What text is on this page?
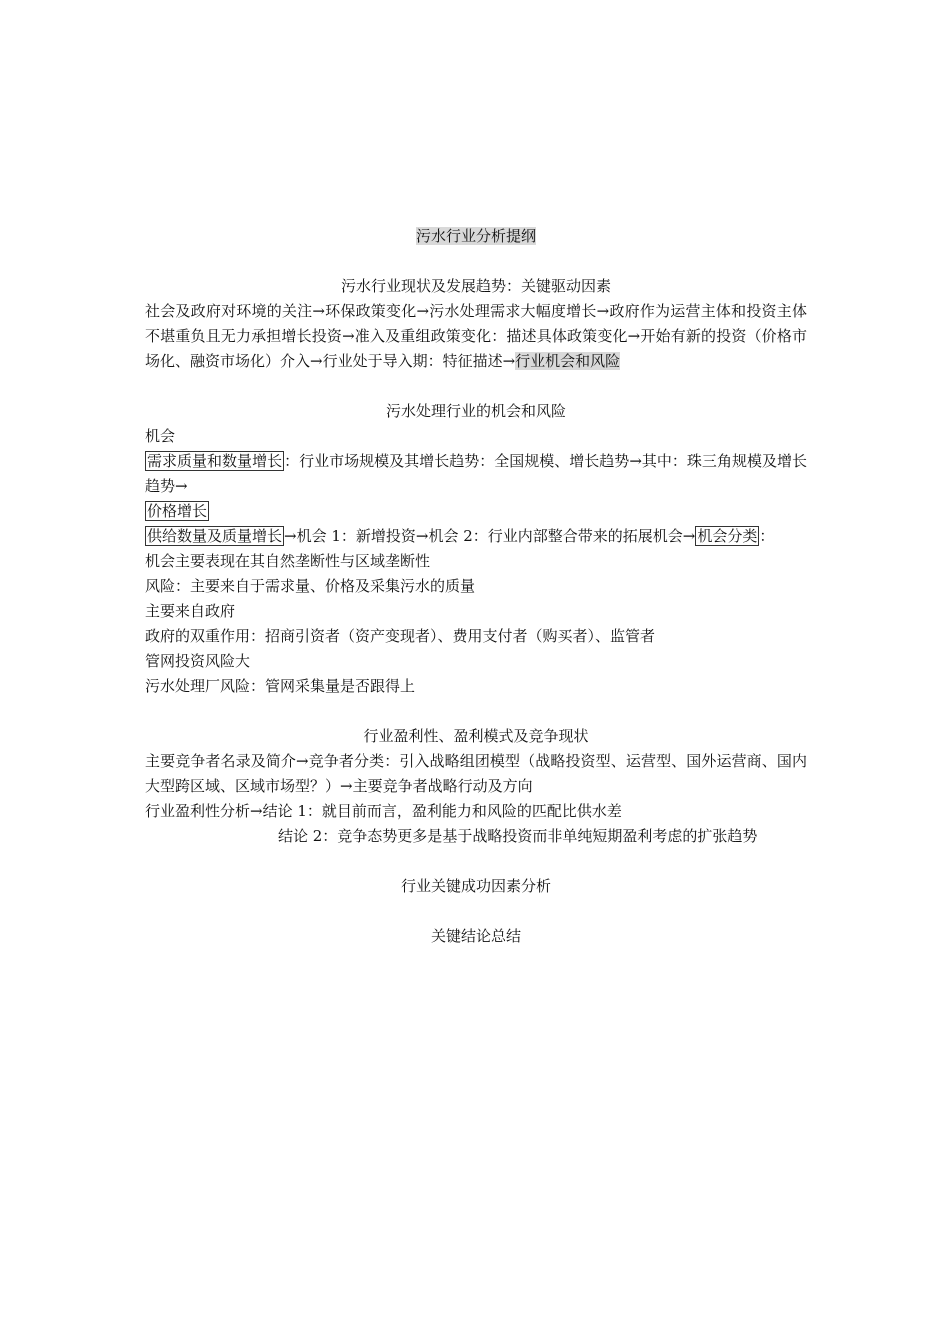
污水行业分析提纲
污水行业现状及发展趋势：关键驱动因素
社会及政府对环境的关注→环保政策变化→污水处理需求大幅度增长→政府作为运营主体和投资主体不堪重负且无力承担增长投资→准入及重组政策变化：描述具体政策变化→开始有新的投资（价格市场化、融资市场化）介入→行业处于导入期：特征描述→行业机会和风险
污水处理行业的机会和风险
机会
需求质量和数量增长 ：行业市场规模及其增长趋势：全国规模、增长趋势→其中：珠三角规模及增长趋势→
价格增长
供给数量及质量增长 →机会 1：新增投资→机会 2：行业内部整合带来的拓展机会→ 机会分类 ：
机会主要表现在其自然垄断性与区域垄断性
风险：主要来自于需求量、价格及采集污水的质量
主要来自政府
政府的双重作用：招商引资者（资产变现者）、费用支付者（购买者）、监管者
管网投资风险大
污水处理厂风险：管网采集量是否跟得上
行业盈利性、盈利模式及竞争现状
主要竞争者名录及简介→竞争者分类：引入战略组团模型（战略投资型、运营型、国外运营商、国内大型跨区域、区域市场型？）→主要竞争者战略行动及方向
行业盈利性分析→结论 1：就目前而言，盈利能力和风险的匹配比供水差
结论 2：竞争态势更多是基于战略投资而非单纯短期盈利考虑的扩张趋势
行业关键成功因素分析
关键结论总结
